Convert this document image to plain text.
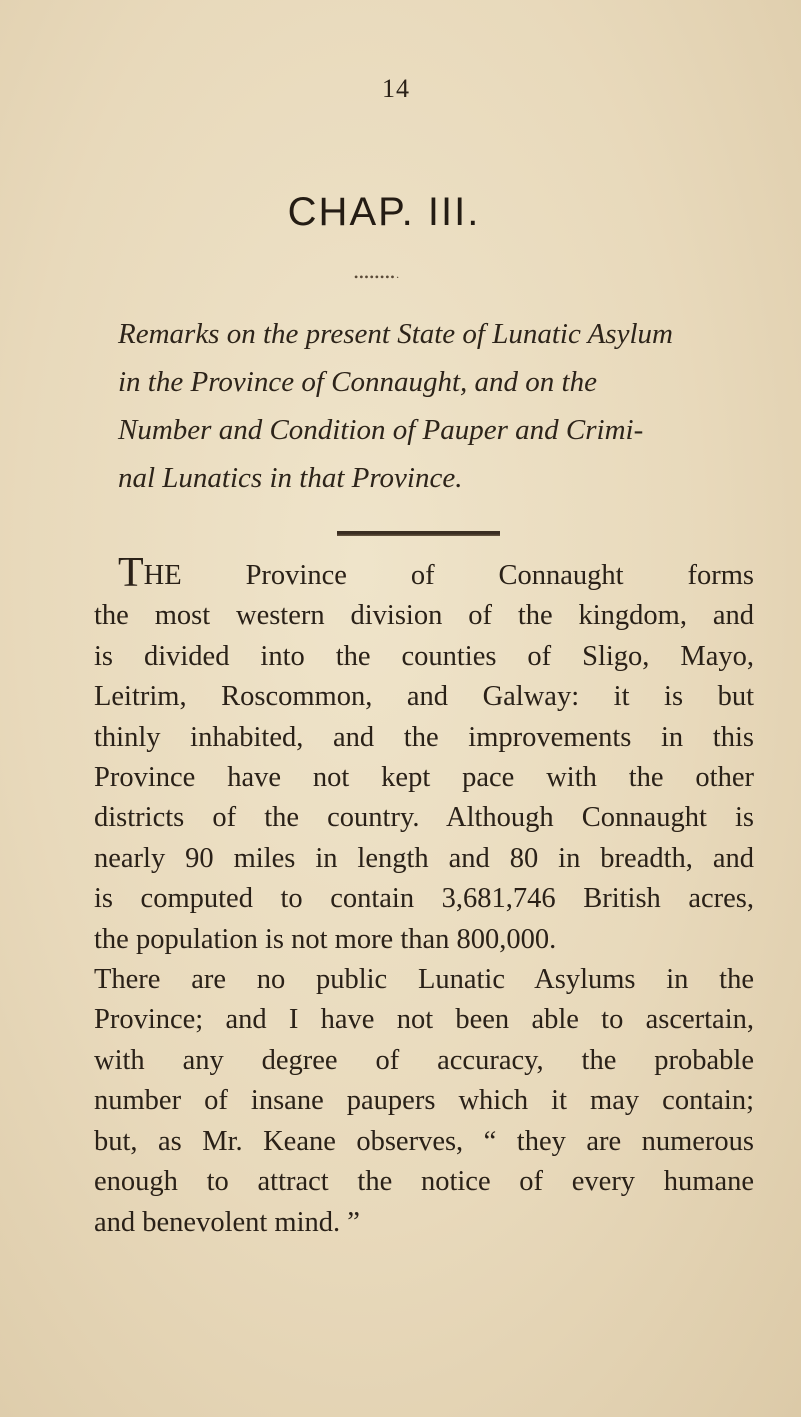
14
CHAP. III.
••••••••·
Remarks on the present State of Lunatic Asylum
in the Province of Connaught, and on the
Number and Condition of Pauper and Crimi-
nal Lunatics in that Province.
THE Province of Connaught forms
the most western division of the kingdom, and
is divided into the counties of Sligo, Mayo,
Leitrim, Roscommon, and Galway: it is but
thinly inhabited, and the improvements in this
Province have not kept pace with the other
districts of the country. Although Connaught is
nearly 90 miles in length and 80 in breadth, and
is computed to contain 3,681,746 British acres,
the population is not more than 800,000.
There are no public Lunatic Asylums in the
Province; and I have not been able to ascertain,
with any degree of accuracy, the probable
number of insane paupers which it may contain;
but, as Mr. Keane observes, “ they are numerous
enough to attract the notice of every humane
and benevolent mind. ”
